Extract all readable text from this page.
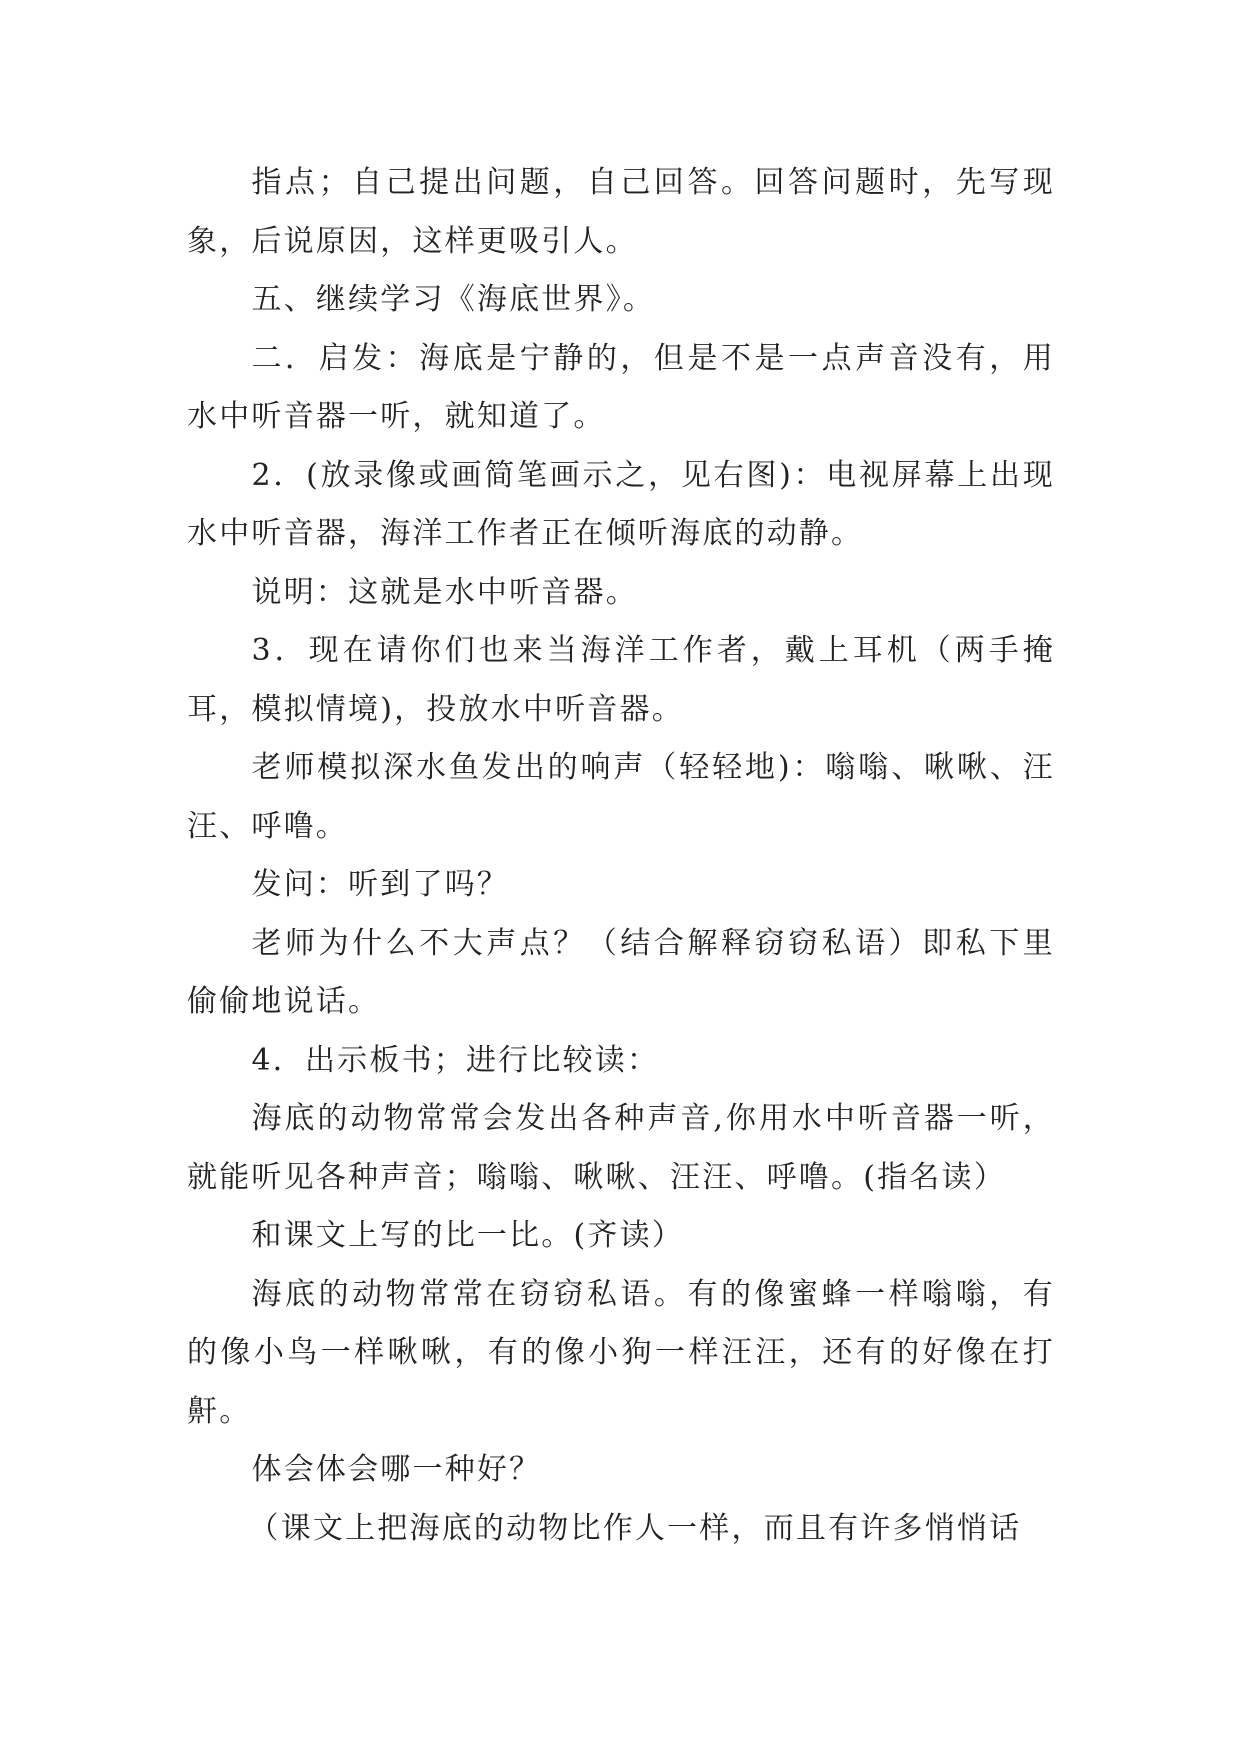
指点；自己提出问题，自己回答。回答问题时，先写现象，后说原因，这样更吸引人。

五、继续学习《海底世界》。

二．启发：海底是宁静的，但是不是一点声音没有，用水中听音器一听，就知道了。

2．(放录像或画简笔画示之，见右图)：电视屏幕上出现水中听音器，海洋工作者正在倾听海底的动静。

说明：这就是水中听音器。

3．现在请你们也来当海洋工作者，戴上耳机（两手掩耳，模拟情境)，投放水中听音器。

老师模拟深水鱼发出的响声（轻轻地)：嗡嗡、啾啾、汪汪、呼噜。

发问：听到了吗？

老师为什么不大声点？（结合解释窃窃私语）即私下里偷偷地说话。

4．出示板书；进行比较读：

海底的动物常常会发出各种声音,你用水中听音器一听，就能听见各种声音；嗡嗡、啾啾、汪汪、呼噜。(指名读）

和课文上写的比一比。(齐读）

海底的动物常常在窃窃私语。有的像蜜蜂一样嗡嗡，有的像小鸟一样啾啾，有的像小狗一样汪汪，还有的好像在打鼾。

体会体会哪一种好？

（课文上把海底的动物比作人一样，而且有许多悄悄话
